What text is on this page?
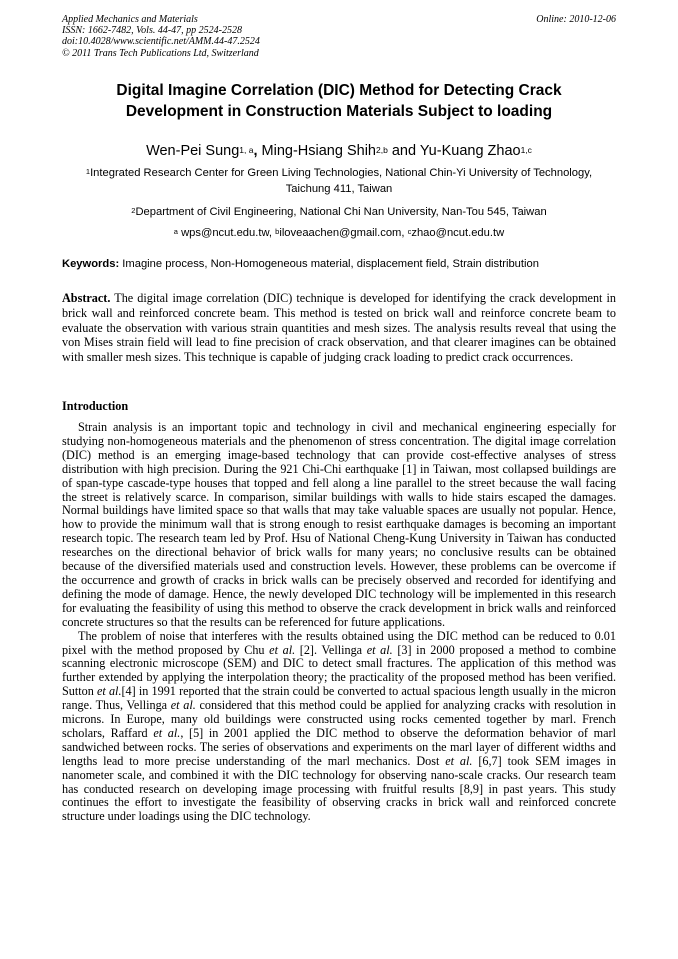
Applied Mechanics and Materials
ISSN: 1662-7482, Vols. 44-47, pp 2524-2528
doi:10.4028/www.scientific.net/AMM.44-47.2524
© 2011 Trans Tech Publications Ltd, Switzerland
Online: 2010-12-06
Digital Imagine Correlation (DIC) Method for Detecting Crack
Development in Construction Materials Subject to loading
Wen-Pei Sung$^{1, a}$, Ming-Hsiang Shih$^{2,b}$ and Yu-Kuang Zhao$^{1,c}$
$^1$Integrated Research Center for Green Living Technologies, National Chin-Yi University of Technology, Taichung 411, Taiwan
$^2$Department of Civil Engineering, National Chi Nan University, Nan-Tou 545, Taiwan
$^a$ wps@ncut.edu.tw, $^b$iloveaachen@gmail.com, $^c$zhao@ncut.edu.tw
Keywords: Imagine process, Non-Homogeneous material, displacement field, Strain distribution
Abstract. The digital image correlation (DIC) technique is developed for identifying the crack development in brick wall and reinforced concrete beam. This method is tested on brick wall and reinforce concrete beam to evaluate the observation with various strain quantities and mesh sizes. The analysis results reveal that using the von Mises strain field will lead to fine precision of crack observation, and that clearer imagines can be obtained with smaller mesh sizes. This technique is capable of judging crack loading to predict crack occurrences.
Introduction

Strain analysis is an important topic and technology in civil and mechanical engineering especially for studying non-homogeneous materials and the phenomenon of stress concentration. The digital image correlation (DIC) method is an emerging image-based technology that can provide cost-effective analyses of stress distribution with high precision. During the 921 Chi-Chi earthquake [1] in Taiwan, most collapsed buildings are of span-type cascade-type houses that topped and fell along a line parallel to the street because the wall facing the street is relatively scarce. In comparison, similar buildings with walls to hide stairs escaped the damages. Normal buildings have limited space so that walls that may take valuable spaces are usually not popular. Hence, how to provide the minimum wall that is strong enough to resist earthquake damages is becoming an important research topic. The research team led by Prof. Hsu of National Cheng-Kung University in Taiwan has conducted researches on the directional behavior of brick walls for many years; no conclusive results can be obtained because of the diversified materials used and construction levels. However, these problems can be overcome if the occurrence and growth of cracks in brick walls can be precisely observed and recorded for identifying and defining the mode of damage. Hence, the newly developed DIC technology will be implemented in this research for evaluating the feasibility of using this method to observe the crack development in brick walls and reinforced concrete structures so that the results can be referenced for future applications.

The problem of noise that interferes with the results obtained using the DIC method can be reduced to 0.01 pixel with the method proposed by Chu et al. [2]. Vellinga et al. [3] in 2000 proposed a method to combine scanning electronic microscope (SEM) and DIC to detect small fractures. The application of this method was further extended by applying the interpolation theory; the practicality of the proposed method has been verified. Sutton et al.[4] in 1991 reported that the strain could be converted to actual spacious length usually in the micron range. Thus, Vellinga et al. considered that this method could be applied for analyzing cracks with resolution in microns. In Europe, many old buildings were constructed using rocks cemented together by marl. French scholars, Raffard et al., [5] in 2001 applied the DIC method to observe the deformation behavior of marl sandwiched between rocks. The series of observations and experiments on the marl layer of different widths and lengths lead to more precise understanding of the marl mechanics. Dost et al. [6,7] took SEM images in nanometer scale, and combined it with the DIC technology for observing nano-scale cracks. Our research team has conducted research on developing image processing with fruitful results [8,9] in past years. This study continues the effort to investigate the feasibility of observing cracks in brick wall and reinforced concrete structure under loadings using the DIC technology.
